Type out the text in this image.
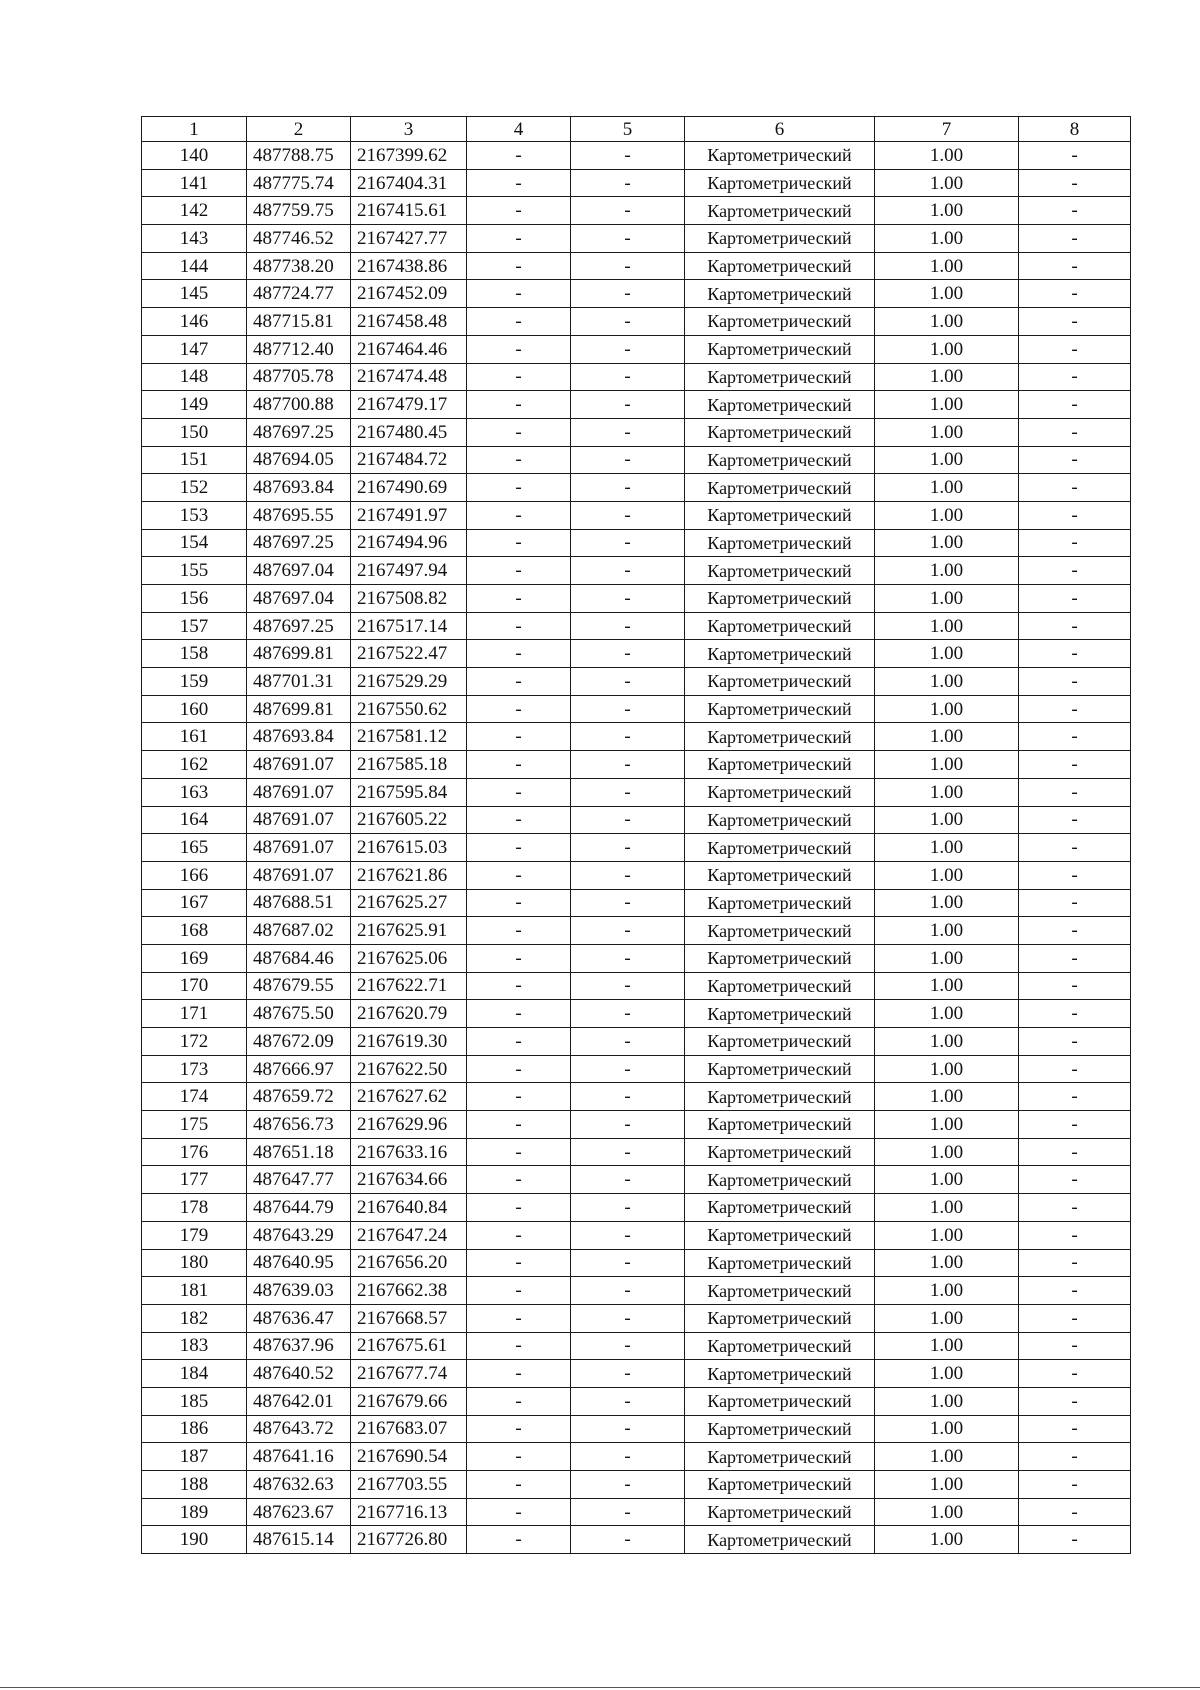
1	2	3	4	5	6	7	8
140	487788.75	2167399.62	-	-	Картометрический	1.00	-
141	487775.74	2167404.31	-	-	Картометрический	1.00	-
142	487759.75	2167415.61	-	-	Картометрический	1.00	-
143	487746.52	2167427.77	-	-	Картометрический	1.00	-
144	487738.20	2167438.86	-	-	Картометрический	1.00	-
145	487724.77	2167452.09	-	-	Картометрический	1.00	-
146	487715.81	2167458.48	-	-	Картометрический	1.00	-
147	487712.40	2167464.46	-	-	Картометрический	1.00	-
148	487705.78	2167474.48	-	-	Картометрический	1.00	-
149	487700.88	2167479.17	-	-	Картометрический	1.00	-
150	487697.25	2167480.45	-	-	Картометрический	1.00	-
151	487694.05	2167484.72	-	-	Картометрический	1.00	-
152	487693.84	2167490.69	-	-	Картометрический	1.00	-
153	487695.55	2167491.97	-	-	Картометрический	1.00	-
154	487697.25	2167494.96	-	-	Картометрический	1.00	-
155	487697.04	2167497.94	-	-	Картометрический	1.00	-
156	487697.04	2167508.82	-	-	Картометрический	1.00	-
157	487697.25	2167517.14	-	-	Картометрический	1.00	-
158	487699.81	2167522.47	-	-	Картометрический	1.00	-
159	487701.31	2167529.29	-	-	Картометрический	1.00	-
160	487699.81	2167550.62	-	-	Картометрический	1.00	-
161	487693.84	2167581.12	-	-	Картометрический	1.00	-
162	487691.07	2167585.18	-	-	Картометрический	1.00	-
163	487691.07	2167595.84	-	-	Картометрический	1.00	-
164	487691.07	2167605.22	-	-	Картометрический	1.00	-
165	487691.07	2167615.03	-	-	Картометрический	1.00	-
166	487691.07	2167621.86	-	-	Картометрический	1.00	-
167	487688.51	2167625.27	-	-	Картометрический	1.00	-
168	487687.02	2167625.91	-	-	Картометрический	1.00	-
169	487684.46	2167625.06	-	-	Картометрический	1.00	-
170	487679.55	2167622.71	-	-	Картометрический	1.00	-
171	487675.50	2167620.79	-	-	Картометрический	1.00	-
172	487672.09	2167619.30	-	-	Картометрический	1.00	-
173	487666.97	2167622.50	-	-	Картометрический	1.00	-
174	487659.72	2167627.62	-	-	Картометрический	1.00	-
175	487656.73	2167629.96	-	-	Картометрический	1.00	-
176	487651.18	2167633.16	-	-	Картометрический	1.00	-
177	487647.77	2167634.66	-	-	Картометрический	1.00	-
178	487644.79	2167640.84	-	-	Картометрический	1.00	-
179	487643.29	2167647.24	-	-	Картометрический	1.00	-
180	487640.95	2167656.20	-	-	Картометрический	1.00	-
181	487639.03	2167662.38	-	-	Картометрический	1.00	-
182	487636.47	2167668.57	-	-	Картометрический	1.00	-
183	487637.96	2167675.61	-	-	Картометрический	1.00	-
184	487640.52	2167677.74	-	-	Картометрический	1.00	-
185	487642.01	2167679.66	-	-	Картометрический	1.00	-
186	487643.72	2167683.07	-	-	Картометрический	1.00	-
187	487641.16	2167690.54	-	-	Картометрический	1.00	-
188	487632.63	2167703.55	-	-	Картометрический	1.00	-
189	487623.67	2167716.13	-	-	Картометрический	1.00	-
190	487615.14	2167726.80	-	-	Картометрический	1.00	-
